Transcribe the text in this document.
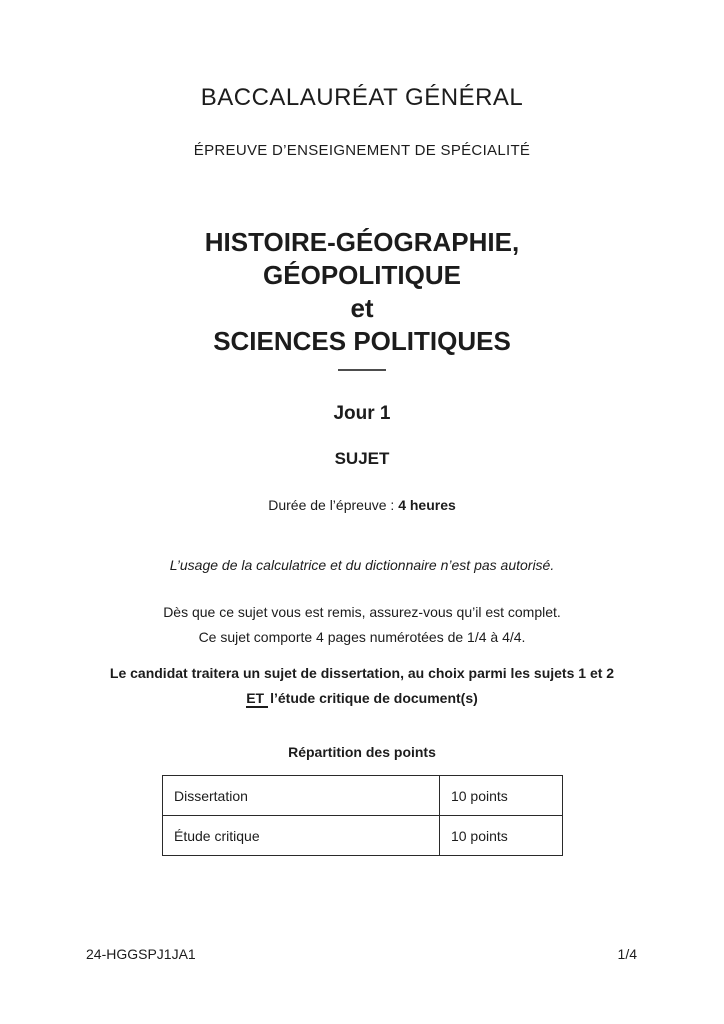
BACCALAURÉAT GÉNÉRAL
ÉPREUVE D’ENSEIGNEMENT DE SPÉCIALITÉ
HISTOIRE-GÉOGRAPHIE,
GÉOPOLITIQUE
et
SCIENCES POLITIQUES
Jour 1
SUJET
Durée de l’épreuve : 4 heures
L’usage de la calculatrice et du dictionnaire n’est pas autorisé.
Dès que ce sujet vous est remis, assurez-vous qu’il est complet.
Ce sujet comporte 4 pages numérotées de 1/4 à 4/4.
Le candidat traitera un sujet de dissertation, au choix parmi les sujets 1 et 2
ET l’étude critique de document(s)
Répartition des points
Dissertation	10 points
Étude critique	10 points
24-HGGSPJ1JA1	1/4
